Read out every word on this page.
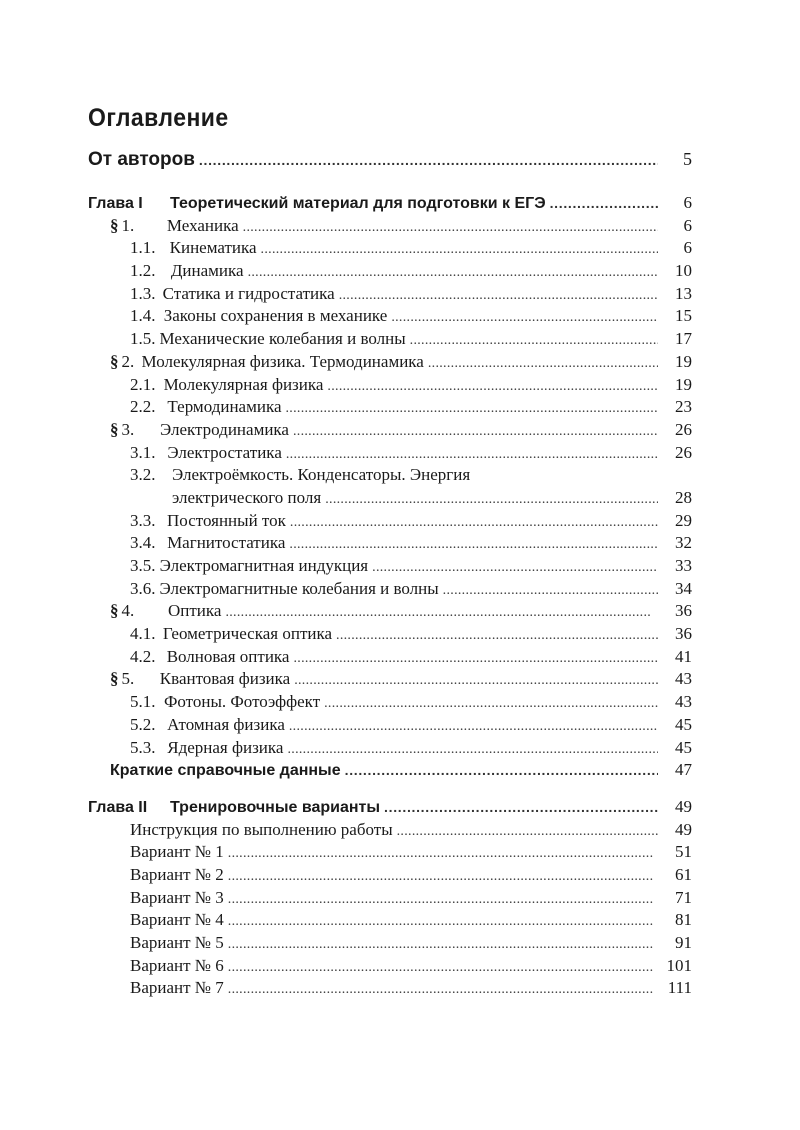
Оглавление
От авторов . . .	5
Глава I Теоретический материал для подготовки к ЕГЭ . . .	6
§ 1.	Механика . . .	6
1.1. Кинематика . . .	6
1.2. Динамика . . .	10
1.3. Статика и гидростатика . . .	13
1.4. Законы сохранения в механике . . .	15
1.5. Механические колебания и волны . . .	17
§ 2. Молекулярная физика. Термодинамика . . .	19
2.1. Молекулярная физика . . .	19
2.2. Термодинамика . . .	23
§ 3.	Электродинамика . . .	26
3.1. Электростатика . . .	26
3.2. Электроёмкость. Конденсаторы. Энергия
электрического поля . . .	28
3.3. Постоянный ток . . .	29
3.4. Магнитостатика . . .	32
3.5. Электромагнитная индукция . . .	33
3.6. Электромагнитные колебания и волны . . .	34
§ 4.	Оптика . . .	36
4.1. Геометрическая оптика . . .	36
4.2. Волновая оптика . . .	41
§ 5.	Квантовая физика . . .	43
5.1. Фотоны. Фотоэффект . . .	43
5.2. Атомная физика . . .	45
5.3. Ядерная физика . . .	45
Краткие справочные данные . . .	47
Глава II Тренировочные варианты . . .	49
Инструкция по выполнению работы . . .	49
Вариант № 1 . . .	51
Вариант № 2 . . .	61
Вариант № 3 . . .	71
Вариант № 4 . . .	81
Вариант № 5 . . .	91
Вариант № 6 . . .	101
Вариант № 7 . . .	111
